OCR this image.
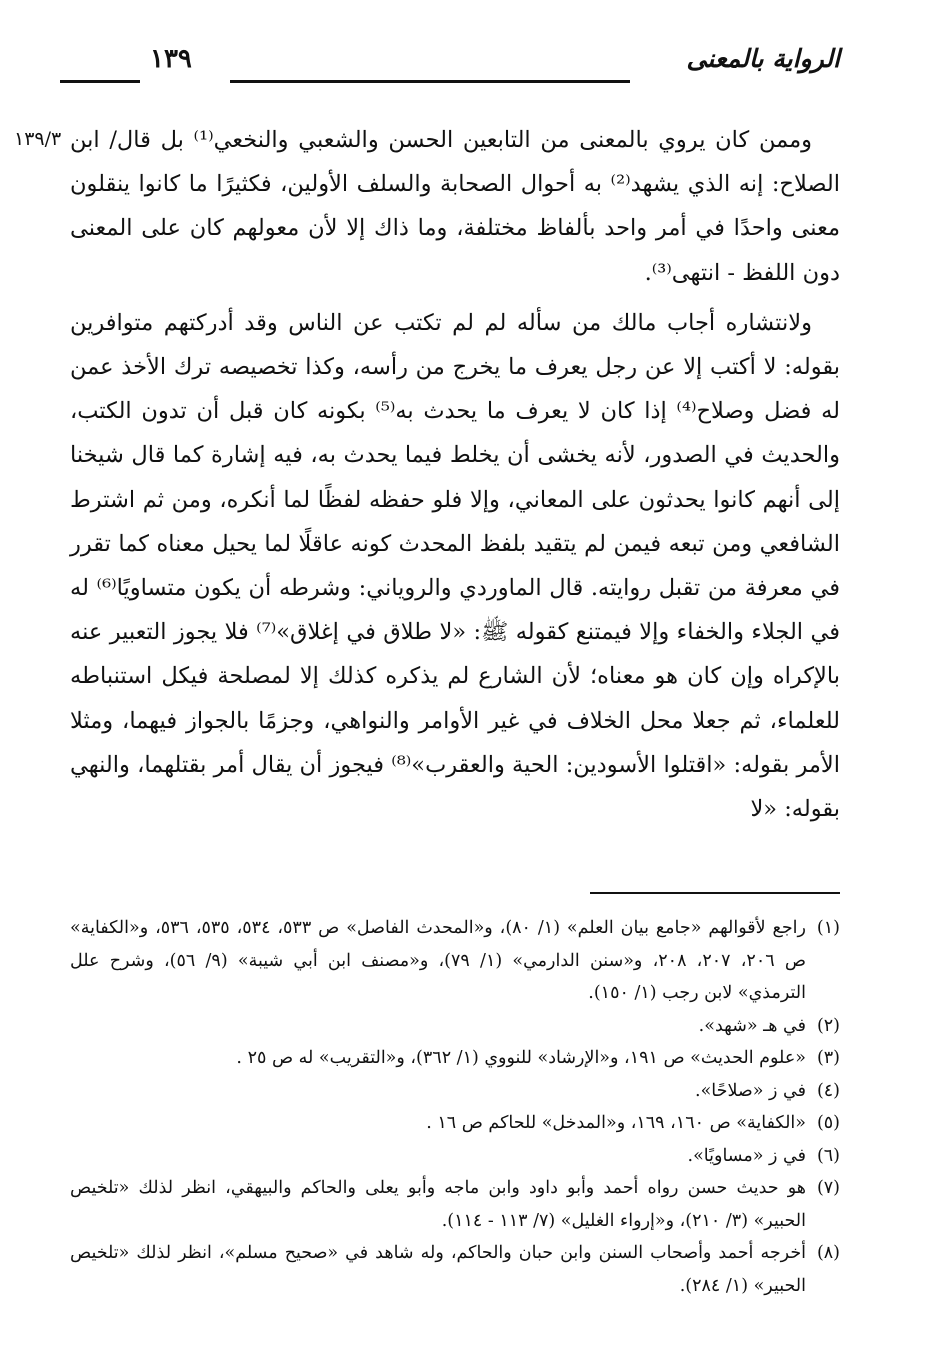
الرواية بالمعنى
١٣٩
١٣٩/٣ وممن كان يروي بالمعنى من التابعين الحسن والشعبي والنخعي⁽¹⁾ بل قال/ ابن الصلاح: إنه الذي يشهد⁽²⁾ به أحوال الصحابة والسلف الأولين، فكثيرًا ما كانوا ينقلون معنى واحدًا في أمر واحد بألفاظ مختلفة، وما ذاك إلا لأن معولهم كان على المعنى دون اللفظ - انتهى⁽³⁾.

ولانتشاره أجاب مالك من سأله لم لم تكتب عن الناس وقد أدركتهم متوافرين بقوله: لا أكتب إلا عن رجل يعرف ما يخرج من رأسه، وكذا تخصيصه ترك الأخذ عمن له فضل وصلاح⁽⁴⁾ إذا كان لا يعرف ما يحدث به⁽⁵⁾ بكونه كان قبل أن تدون الكتب، والحديث في الصدور، لأنه يخشى أن يخلط فيما يحدث به، فيه إشارة كما قال شيخنا إلى أنهم كانوا يحدثون على المعاني، وإلا فلو حفظه لفظًا لما أنكره، ومن ثم اشترط الشافعي ومن تبعه فيمن لم يتقيد بلفظ المحدث كونه عاقلًا لما يحيل معناه كما تقرر في معرفة من تقبل روايته. قال الماوردي والروياني: وشرطه أن يكون متساويًا⁽⁶⁾ له في الجلاء والخفاء وإلا فيمتنع كقوله ﷺ: «لا طلاق في إغلاق»⁽⁷⁾ فلا يجوز التعبير عنه بالإكراه وإن كان هو معناه؛ لأن الشارع لم يذكره كذلك إلا لمصلحة فيكل استنباطه للعلماء، ثم جعلا محل الخلاف في غير الأوامر والنواهي، وجزمًا بالجواز فيهما، ومثلا الأمر بقوله: «اقتلوا الأسودين: الحية والعقرب»⁽⁸⁾ فيجوز أن يقال أمر بقتلهما، والنهي بقوله: «لا

(١)راجع لأقوالهم «جامع بيان العلم» (١/ ٨٠)، و«المحدث الفاصل» ص ٥٣٣، ٥٣٤، ٥٣٥، ٥٣٦، و«الكفاية» ص ٢٠٦، ٢٠٧، ٢٠٨، و«سنن الدارمي» (١/ ٧٩)، و«مصنف ابن أبي شيبة» (٩/ ٥٦)، وشرح علل الترمذي» لابن رجب (١/ ١٥٠).

(٢)في هـ «شهد».

(٣)«علوم الحديث» ص ١٩١، و«الإرشاد» للنووي (١/ ٣٦٢)، و«التقريب» له ص ٢٥ .

(٤)في ز «صلاحًا».

(٥)«الكفاية» ص ١٦٠، ١٦٩، و«المدخل» للحاكم ص ١٦ .

(٦)في ز «مساويًا».

(٧)هو حديث حسن رواه أحمد وأبو داود وابن ماجه وأبو يعلى والحاكم والبيهقي، انظر لذلك «تلخيص الحبير» (٣/ ٢١٠)، و«إرواء الغليل» (٧/ ١١٣ - ١١٤).

(٨)أخرجه أحمد وأصحاب السنن وابن حبان والحاكم، وله شاهد في «صحيح مسلم»، انظر لذلك «تلخيص الحبير» (١/ ٢٨٤).
